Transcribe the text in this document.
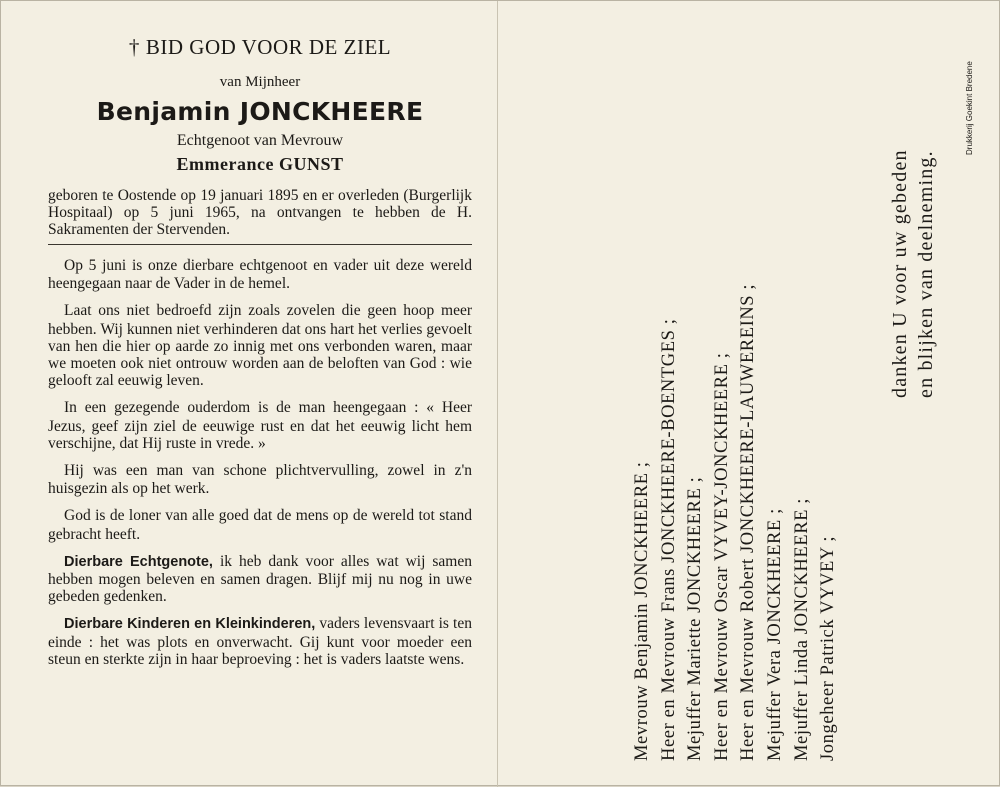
† BID GOD VOOR DE ZIEL
van Mijnheer
Benjamin JONCKHEERE
Echtgenoot van Mevrouw
Emmerance GUNST
geboren te Oostende op 19 januari 1895 en er overleden (Burgerlijk Hospitaal) op 5 juni 1965, na ontvangen te hebben de H. Sakramenten der Stervenden.

Op 5 juni is onze dierbare echtgenoot en vader uit deze wereld heengegaan naar de Vader in de hemel.

Laat ons niet bedroefd zijn zoals zovelen die geen hoop meer hebben. Wij kunnen niet verhinderen dat ons hart het verlies gevoelt van hen die hier op aarde zo innig met ons verbonden waren, maar we moeten ook niet ontrouw worden aan de beloften van God : wie gelooft zal eeuwig leven.

In een gezegende ouderdom is de man heengegaan : « Heer Jezus, geef zijn ziel de eeuwige rust en dat het eeuwig licht hem verschijne, dat Hij ruste in vrede. »

Hij was een man van schone plichtvervulling, zowel in z'n huisgezin als op het werk.

God is de loner van alle goed dat de mens op de wereld tot stand gebracht heeft.

Dierbare Echtgenote, ik heb dank voor alles wat wij samen hebben mogen beleven en samen dragen. Blijf mij nu nog in uwe gebeden gedenken.

Dierbare Kinderen en Kleinkinderen, vaders levensvaart is ten einde : het was plots en onverwacht. Gij kunt voor moeder een steun en sterkte zijn in haar beproeving : het is vaders laatste wens.	Mevrouw Benjamin JONCKHEERE ; Heer en Mevrouw Frans JONCKHEERE-BOENTGES ; Mejuffer Mariette JONCKHEERE ; Heer en Mevrouw Oscar VYVEY-JONCKHEERE ; Heer en Mevrouw Robert JONCKHEERE-LAUWEREINS ; Mejuffer Vera JONCKHEERE ; Mejuffer Linda JONCKHEERE ; Jongeheer Patrick VYVEY ;
danken U voor uw gebeden en blijken van deelneming.
Drukkerij Goekint Bredene
